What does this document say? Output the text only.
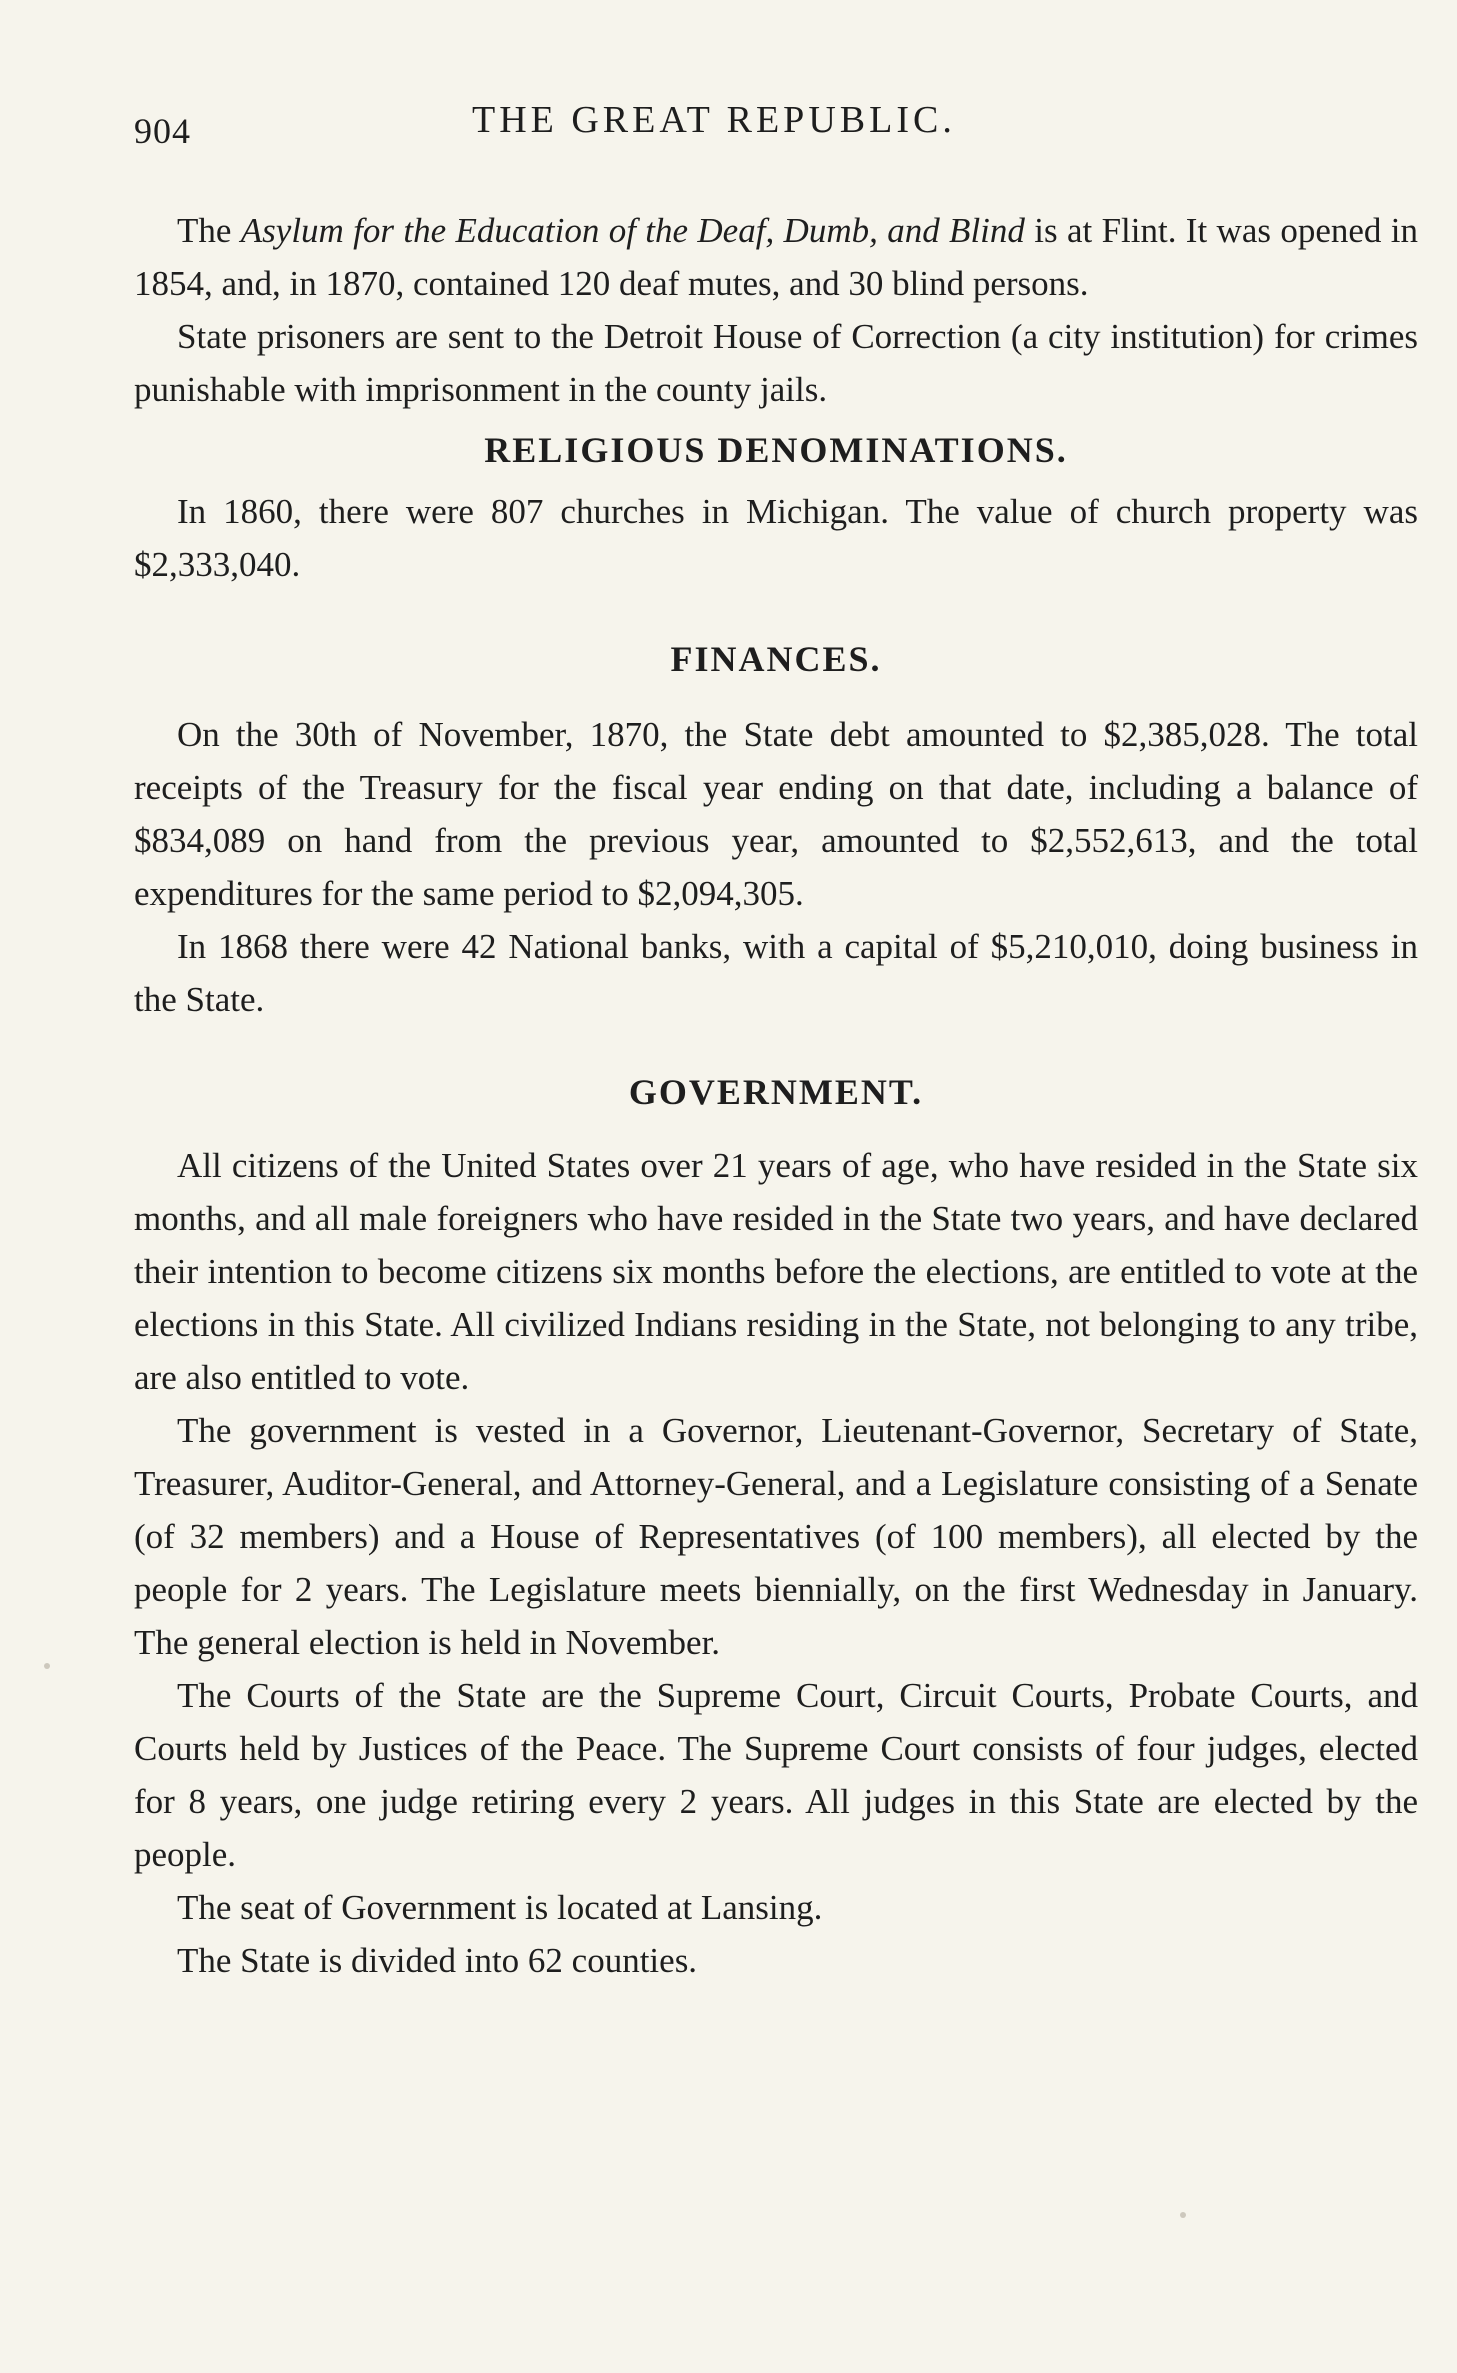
904	THE GREAT REPUBLIC.

The Asylum for the Education of the Deaf, Dumb, and Blind is at Flint. It was opened in 1854, and, in 1870, contained 120 deaf mutes, and 30 blind persons.

State prisoners are sent to the Detroit House of Correction (a city institution) for crimes punishable with imprisonment in the county jails.

RELIGIOUS DENOMINATIONS.

In 1860, there were 807 churches in Michigan. The value of church property was $2,333,040.

FINANCES.

On the 30th of November, 1870, the State debt amounted to $2,385,028. The total receipts of the Treasury for the fiscal year ending on that date, including a balance of $834,089 on hand from the previous year, amounted to $2,552,613, and the total expenditures for the same period to $2,094,305.

In 1868 there were 42 National banks, with a capital of $5,210,010, doing business in the State.

GOVERNMENT.

All citizens of the United States over 21 years of age, who have resided in the State six months, and all male foreigners who have resided in the State two years, and have declared their intention to become citizens six months before the elections, are entitled to vote at the elections in this State. All civilized Indians residing in the State, not belonging to any tribe, are also entitled to vote.

The government is vested in a Governor, Lieutenant-Governor, Secretary of State, Treasurer, Auditor-General, and Attorney-General, and a Legislature consisting of a Senate (of 32 members) and a House of Representatives (of 100 members), all elected by the people for 2 years. The Legislature meets biennially, on the first Wednesday in January. The general election is held in November.

The Courts of the State are the Supreme Court, Circuit Courts, Probate Courts, and Courts held by Justices of the Peace. The Supreme Court consists of four judges, elected for 8 years, one judge retiring every 2 years. All judges in this State are elected by the people.

The seat of Government is located at Lansing.

The State is divided into 62 counties.
